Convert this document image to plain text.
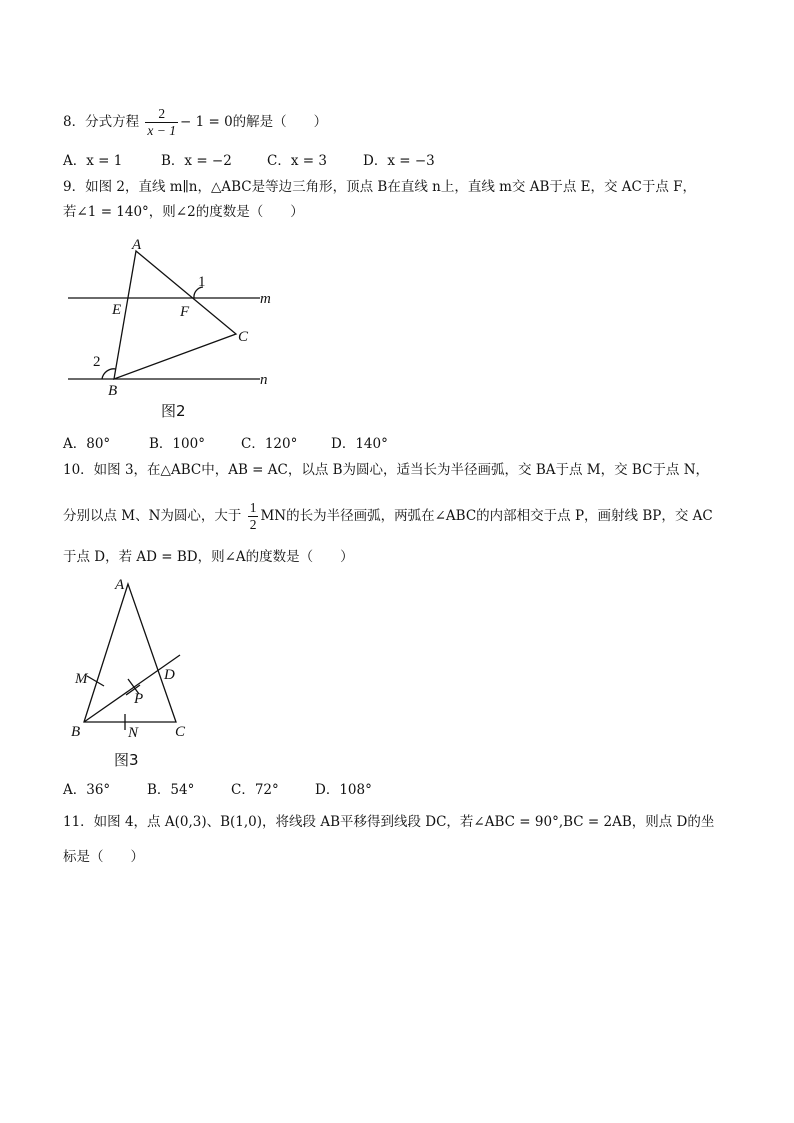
8．分式方程 $\frac{2}{x - 1} - 1 = 0$的解是（　　）
A．x = 1	B．x = −2	C．x = 3	D．x = −3
9．如图 2，直线 m∥n，△ABC是等边三角形，顶点 B在直线 n上，直线 m交 AB于点 E，交 AC于点 F，
若∠1 = 140°，则∠2的度数是（　　）
A
E	F
C
B
m
n
1
2
图2
A．80°	B．100°	C．120° D．140°
10．如图 3，在△ABC中，AB = AC，以点 B为圆心，适当长为半径画弧，交 BA于点 M，交 BC于点 N，
分别以点 M、N为圆心，大于 $\frac{1}{2}$ MN的长为半径画弧，两弧在∠ABC的内部相交于点 P，画射线 BP，交 AC
于点 D，若 AD = BD，则∠A的度数是（　　）
A
M	D
P
B	N C
图3
A．36°	B．54°	C．72°	D．108°
11．如图 4，点 A(0,3)、B(1,0)，将线段 AB平移得到线段 DC，若∠ABC = 90°,BC = 2AB，则点 D的坐
标是（　　）
